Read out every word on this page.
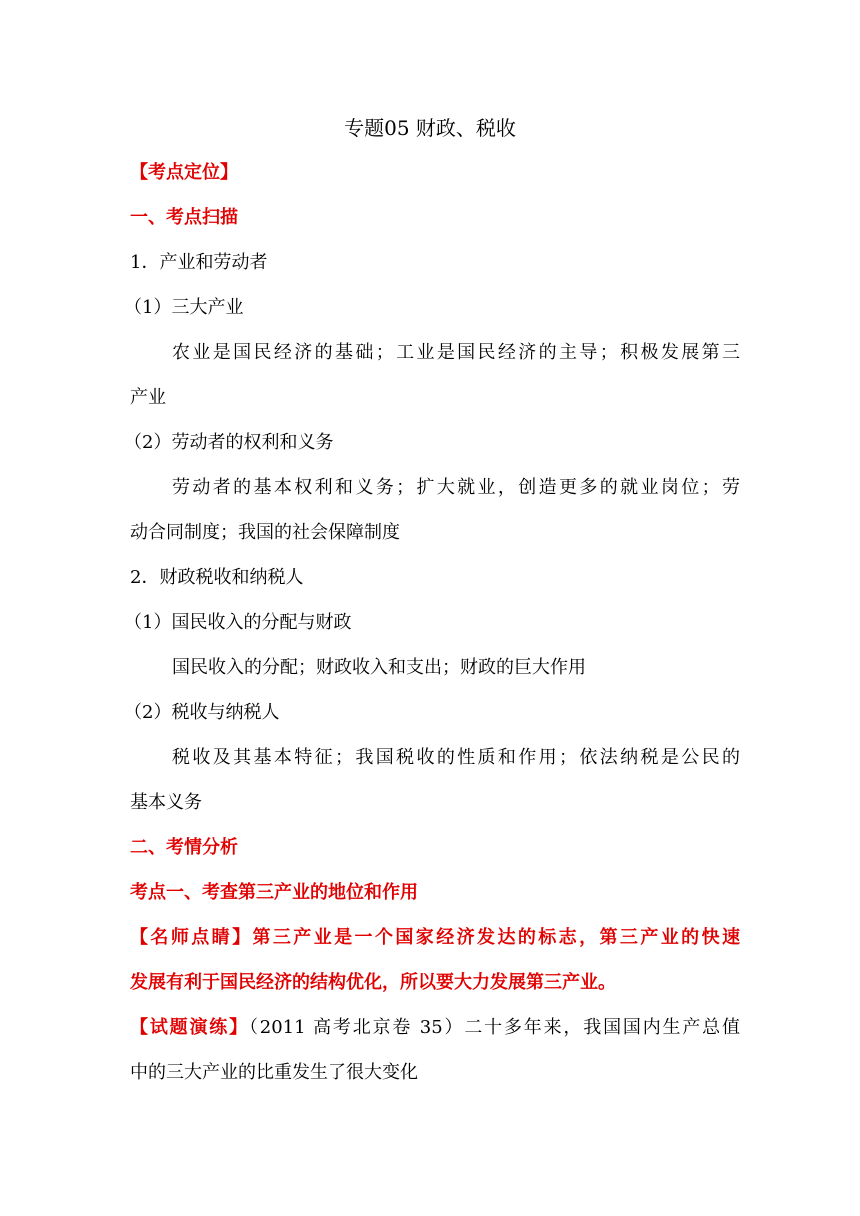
专题05 财政、税收
【考点定位】
一、考点扫描
1．产业和劳动者
（1）三大产业
农业是国民经济的基础；工业是国民经济的主导；积极发展第三
产业
（2）劳动者的权利和义务
劳动者的基本权利和义务；扩大就业，创造更多的就业岗位；劳
动合同制度；我国的社会保障制度
2．财政税收和纳税人
（1）国民收入的分配与财政
国民收入的分配；财政收入和支出；财政的巨大作用
（2）税收与纳税人
税收及其基本特征；我国税收的性质和作用；依法纳税是公民的
基本义务
二、考情分析
考点一、考查第三产业的地位和作用
【名师点睛】第三产业是一个国家经济发达的标志，第三产业的快速
发展有利于国民经济的结构优化，所以要大力发展第三产业。
【试题演练】（2011 高考北京卷 35）二十多年来，我国国内生产总值
中的三大产业的比重发生了很大变化
